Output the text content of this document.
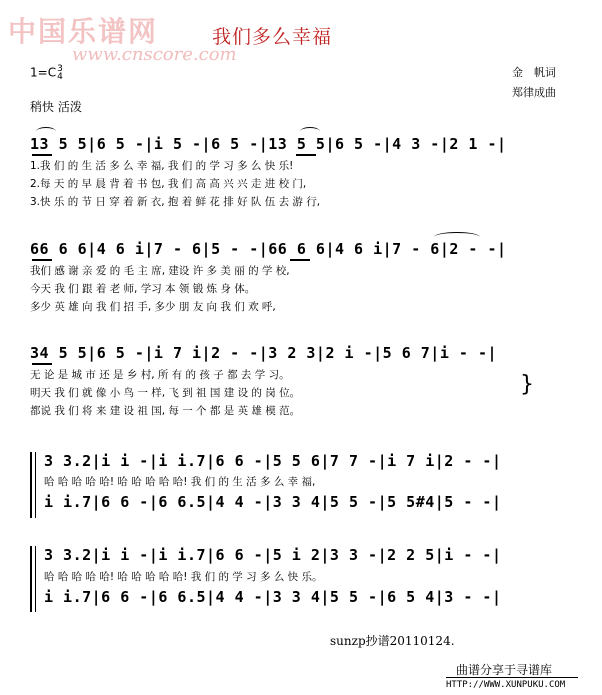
中国乐谱网
www.cnscore.com
我们多么幸福
1=C3
4	金　帆词
郑律成曲
稍快 活泼
13 5 5|6 5 -|i 5 -|6 5 -|13 5 5|6 5 -|4 3 -|2 1 -|
1.我 们 的 生 活 多 么 幸 福, 我 们 的 学 习 多 么 快 乐!
2.每 天 的 早 晨 背 着 书 包, 我 们 高 高 兴 兴 走 进 校 门,
3.快 乐 的 节 日 穿 着 新 衣, 抱 着 鲜 花 排 好 队 伍 去 游 行,
66 6 6|4 6 i|7 - 6|5 - -|66 6 6|4 6 i|7 - 6|2 - -|
我们 感 谢 亲 爱 的 毛 主 席, 建设 许 多 美 丽 的 学 校,
今天 我 们 跟 着 老 师, 学习 本 领 锻 炼 身 体。
多少 英 雄 向 我 们 招 手, 多少 朋 友 向 我 们 欢 呼,
34 5 5|6 5 -|i 7 i|2 - -|3 2 3|2 i -|5 6 7|i - -|
无 论 是 城 市 还 是 乡 村, 所 有 的 孩 子 都 去 学 习。
明天 我 们 就 像 小 鸟 一 样, 飞 到 祖 国 建 设 的 岗 位。
都说 我 们 将 来 建 设 祖 国, 每 一 个 都 是 英 雄 模 范。
}
3 3.2|i i -|i i.7|6 6 -|5 5 6|7 7 -|i 7 i|2 - -|
哈 哈 哈 哈 哈! 哈 哈 哈 哈 哈! 我 们 的 生 活 多 么 幸 福,
i i.7|6 6 -|6 6.5|4 4 -|3 3 4|5 5 -|5 5#4|5 - -|
3 3.2|i i -|i i.7|6 6 -|5 i 2|3 3 -|2 2 5|i - -|
哈 哈 哈 哈 哈! 哈 哈 哈 哈 哈! 我 们 的 学 习 多 么 快 乐。
i i.7|6 6 -|6 6.5|4 4 -|3 3 4|5 5 -|6 5 4|3 - -|
sunzp抄谱20110124.
曲谱分享于寻谱库
HTTP://WWW.XUNPUKU.COM
